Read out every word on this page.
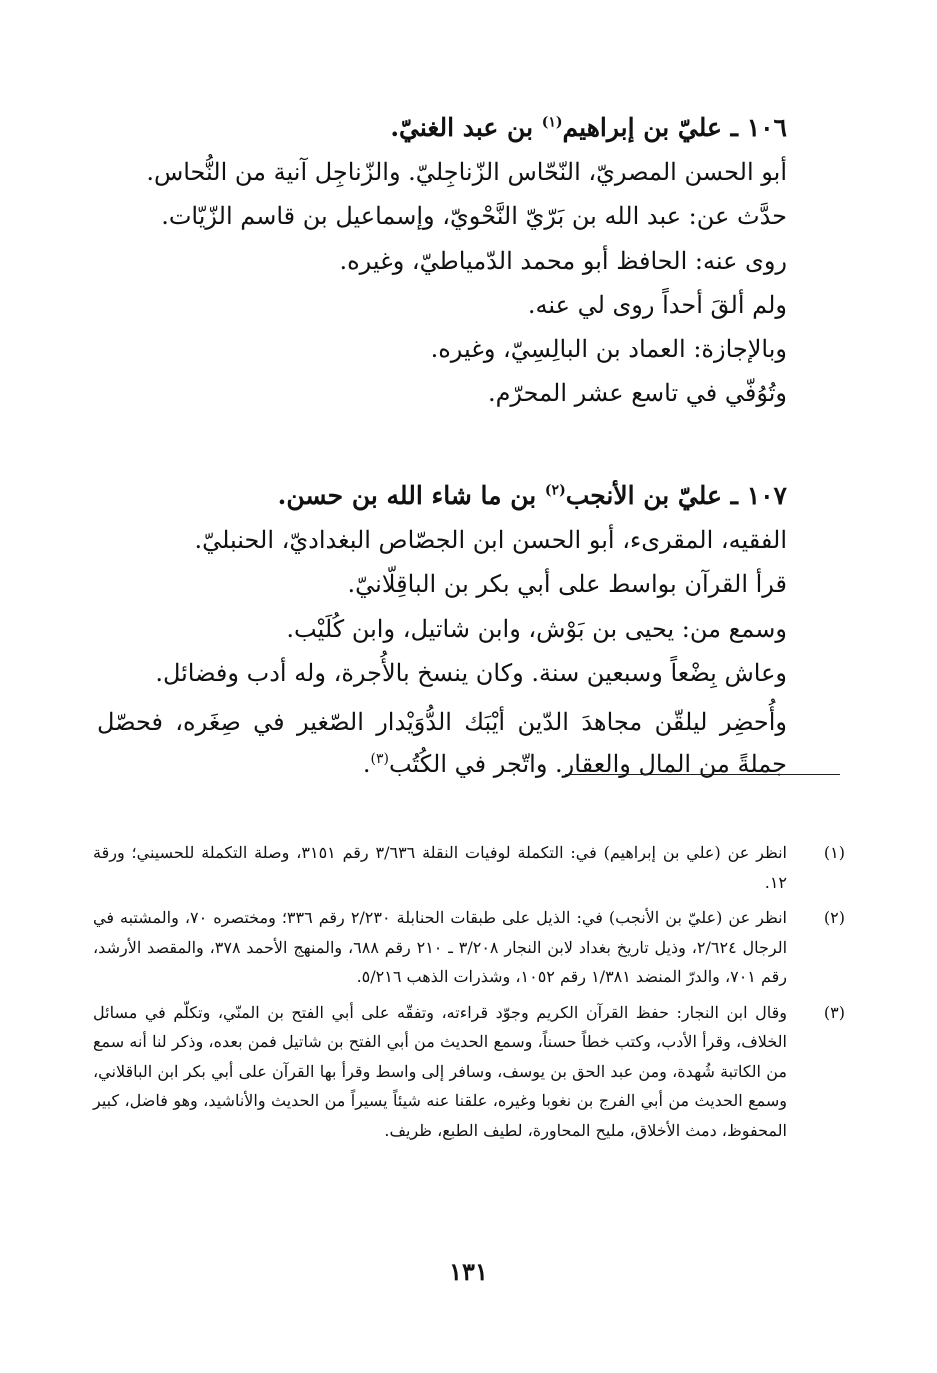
١٠٦ ـ عليّ بن إبراهيم$^{(١)}$ بن عبد الغنيّ.

أبو الحسن المصريّ، النّحّاس الزّناجِليّ. والزّناجِل آنية من النُّحاس.

حدَّث عن: عبد الله بن بَرّيّ النَّحْويّ، وإسماعيل بن قاسم الزّيّات.

روى عنه: الحافظ أبو محمد الدّمياطيّ، وغيره.

ولم ألقَ أحداً روى لي عنه.

وبالإجازة: العماد بن البالِسِيّ، وغيره.

وتُوُفّي في تاسع عشر المحرّم.

١٠٧ ـ عليّ بن الأنجب$^{(٢)}$ بن ما شاء الله بن حسن.

الفقيه، المقرىء، أبو الحسن ابن الجصّاص البغداديّ، الحنبليّ.

قرأ القرآن بواسط على أبي بكر بن الباقِلّانيّ.

وسمع من: يحيى بن بَوْش، وابن شاتيل، وابن كُلَيْب.

وعاش بِضْعاً وسبعين سنة. وكان ينسخ بالأُجرة، وله أدب وفضائل.

وأُحضِر ليلقّن مجاهدَ الدّين أيْبَك الدُّوَيْدار الصّغير في صِغَره، فحصّل جملةً من المال والعقار. واتّجر في الكُتُب$^{(٣)}$.

(١)
انظر عن (علي بن إبراهيم) في: التكملة لوفيات النقلة ٣/٦٣٦ رقم ٣١٥١، وصلة التكملة للحسيني؛ ورقة ١٢.
(٢)
انظر عن (عليّ بن الأنجب) في: الذيل على طبقات الحنابلة ٢/٢٣٠ رقم ٣٣٦؛ ومختصره ٧٠، والمشتبه في الرجال ٢/٦٢٤، وذيل تاريخ بغداد لابن النجار ٣/٢٠٨ ـ ٢١٠ رقم ٦٨٨، والمنهج الأحمد ٣٧٨، والمقصد الأرشد، رقم ٧٠١، والدرّ المنضد ١/٣٨١ رقم ١٠٥٢، وشذرات الذهب ٥/٢١٦.
(٣)
وقال ابن النجار: حفظ القرآن الكريم وجوّد قراءته، وتفقّه على أبي الفتح بن المنّي، وتكلّم في مسائل الخلاف، وقرأ الأدب، وكتب خطاً حسناً، وسمع الحديث من أبي الفتح بن شاتيل فمن بعده، وذكر لنا أنه سمع من الكاتبة شُهدة، ومن عبد الحق بن يوسف، وسافر إلى واسط وقرأ بها القرآن على أبي بكر ابن الباقلاني، وسمع الحديث من أبي الفرج بن نغوبا وغيره، علقنا عنه شيئاً يسيراً من الحديث والأناشيد، وهو فاضل، كبير المحفوظ، دمث الأخلاق، مليح المحاورة، لطيف الطبع، ظريف.
١٣١
